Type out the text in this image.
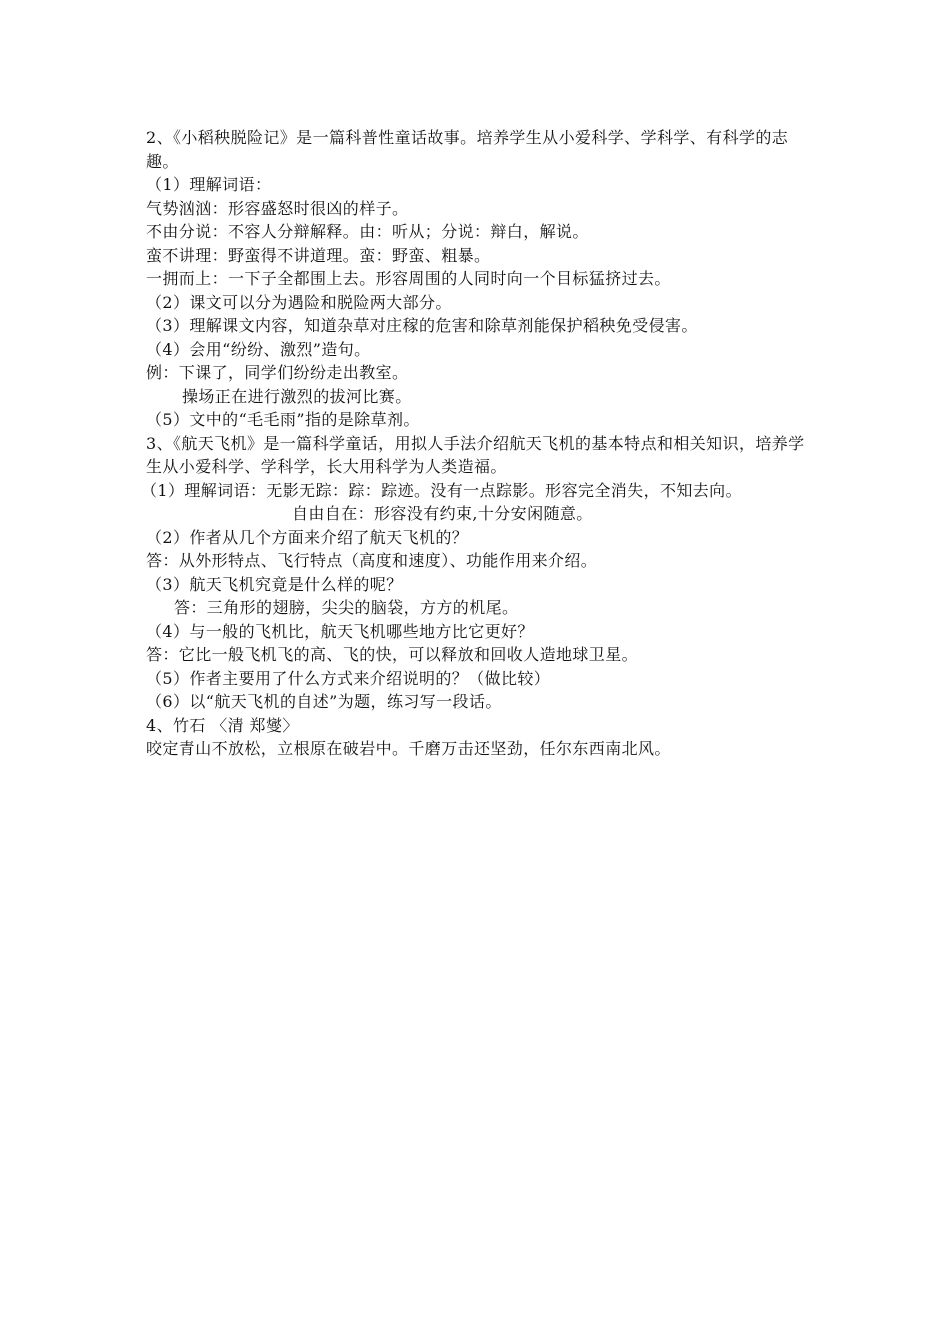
2、《小稻秧脱险记》是一篇科普性童话故事。培养学生从小爱科学、学科学、有科学的志趣。
（1）理解词语：
气势汹汹：形容盛怒时很凶的样子。
不由分说：不容人分辩解释。由：听从；分说：辩白，解说。
蛮不讲理：野蛮得不讲道理。蛮：野蛮、粗暴。
一拥而上：一下子全都围上去。形容周围的人同时向一个目标猛挤过去。
（2）课文可以分为遇险和脱险两大部分。
（3）理解课文内容，知道杂草对庄稼的危害和除草剂能保护稻秧免受侵害。
（4）会用“纷纷、激烈”造句。
例：下课了，同学们纷纷走出教室。
操场正在进行激烈的拔河比赛。
（5）文中的“毛毛雨”指的是除草剂。
3、《航天飞机》是一篇科学童话，用拟人手法介绍航天飞机的基本特点和相关知识，培养学生从小爱科学、学科学，长大用科学为人类造福。
（1）理解词语：无影无踪：踪：踪迹。没有一点踪影。形容完全消失，不知去向。
自由自在：形容没有约束,十分安闲随意。
（2）作者从几个方面来介绍了航天飞机的？
答：从外形特点、飞行特点（高度和速度）、功能作用来介绍。
（3）航天飞机究竟是什么样的呢？
答：三角形的翅膀，尖尖的脑袋，方方的机尾。
（4）与一般的飞机比，航天飞机哪些地方比它更好？
答：它比一般飞机飞的高、飞的快，可以释放和回收人造地球卫星。
（5）作者主要用了什么方式来介绍说明的？（做比较）
（6）以“航天飞机的自述”为题，练习写一段话。
4、竹石 〈清 郑燮〉
咬定青山不放松，立根原在破岩中。千磨万击还坚劲，任尔东西南北风。
